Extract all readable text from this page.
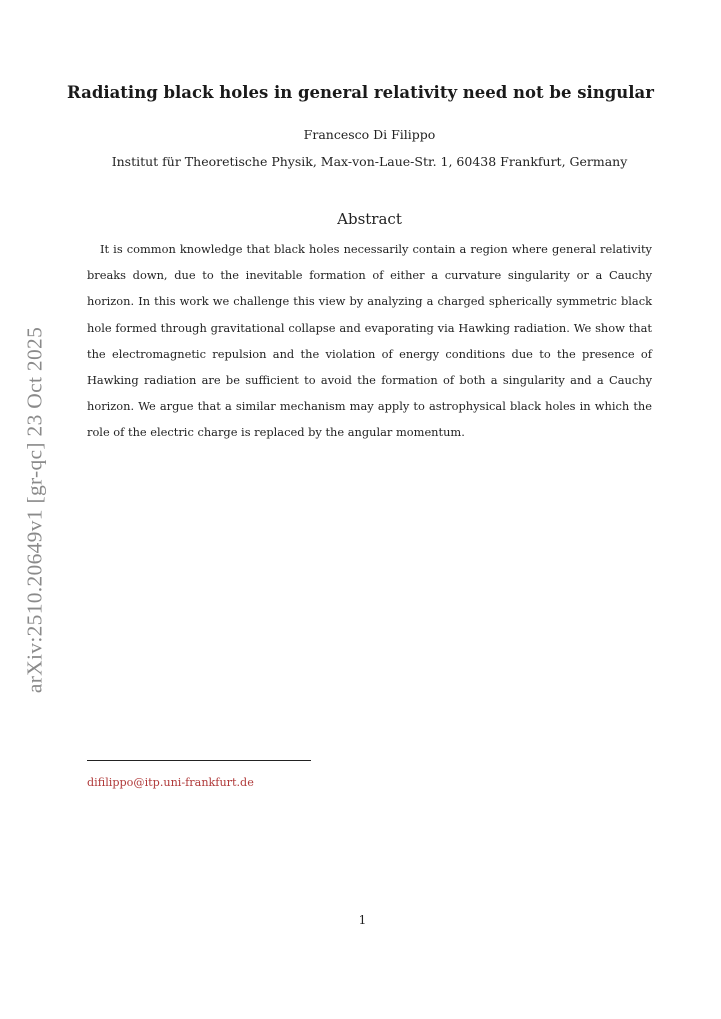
arXiv:2510.20649v1 [gr-qc] 23 Oct 2025
Radiating black holes in general relativity need not be singular

Francesco Di Filippo

Institut für Theoretische Physik, Max-von-Laue-Str. 1, 60438 Frankfurt, Germany

Abstract

It is common knowledge that black holes necessarily contain a region where general relativity breaks down, due to the inevitable formation of either a curvature singularity or a Cauchy horizon. In this work we challenge this view by analyzing a charged spherically symmetric black hole formed through gravitational collapse and evaporating via Hawking radiation. We show that the electromagnetic repulsion and the violation of energy conditions due to the presence of Hawking radiation are be sufficient to avoid the formation of both a singularity and a Cauchy horizon. We argue that a similar mechanism may apply to astrophysical black holes in which the role of the electric charge is replaced by the angular momentum.

difilippo@itp.uni-frankfurt.de

1
